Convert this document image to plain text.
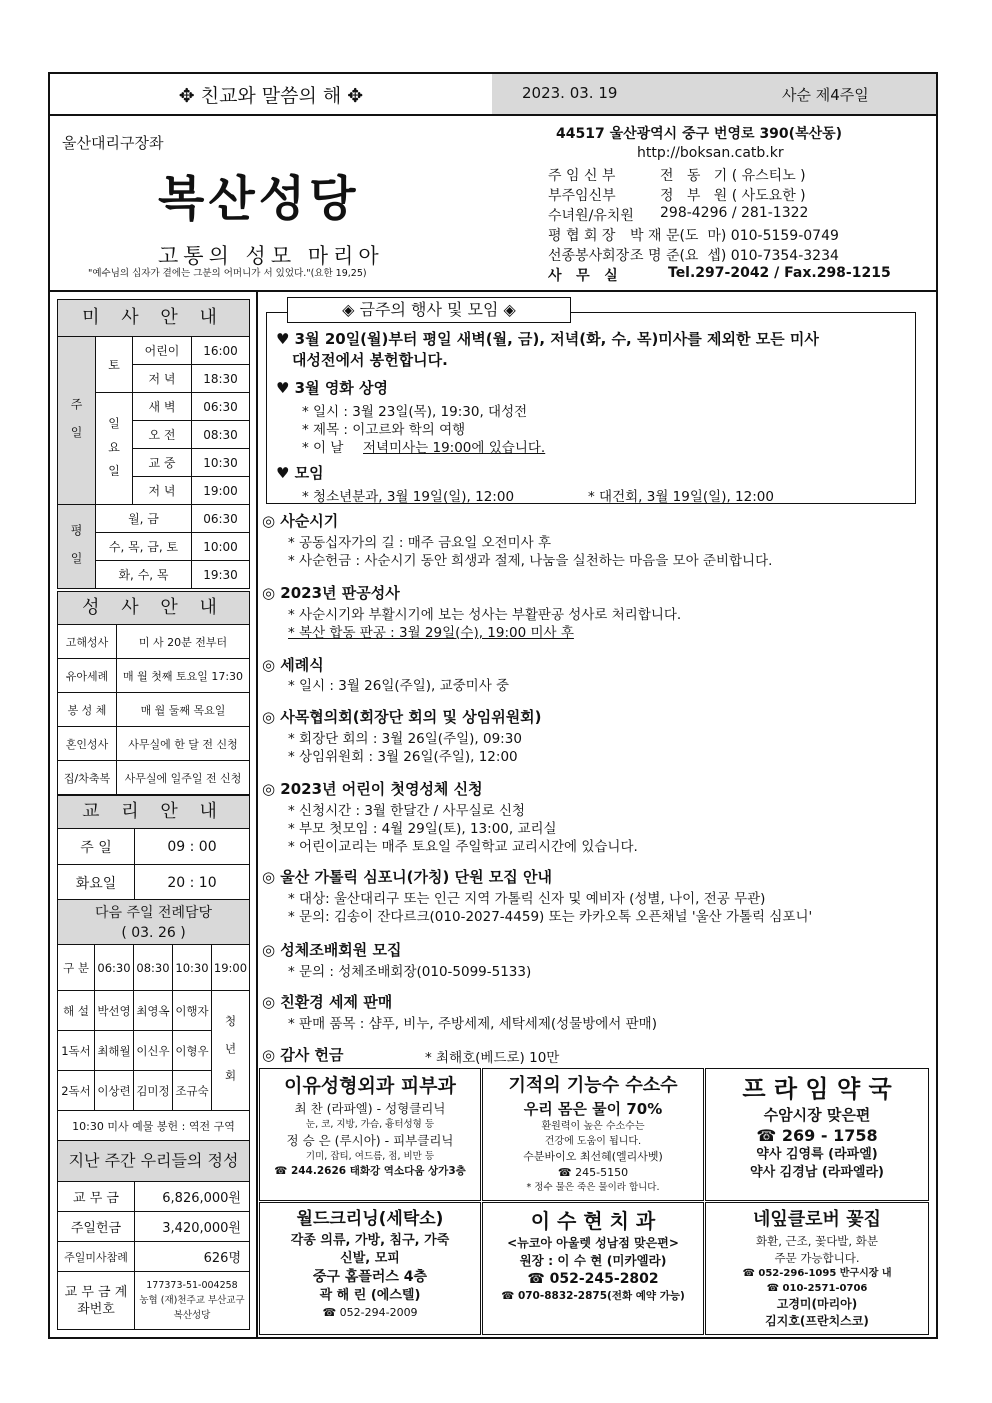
✥ 친교와 말씀의 해 ✥	2023. 03. 19	사순 제4주일
울산대리구장좌
복산성당
고통의 성모 마리아
"예수님의 십자가 곁에는 그분의 어머니가 서 있었다."(요한 19,25)
44517 울산광역시 중구 번영로 390(복산동)
http://boksan.catb.kr
주 임 신 부	전   동   기 ( 유스티노 )
부주임신부	정   부   원 ( 사도요한 )
수녀원/유치원 298-4296 / 281-1322
평 협 회 장 박 재 문(도  마) 010-5159-0749
선종봉사회장 조 명 준(요  셉) 010-7354-3234
사   무   실	Tel.297-2042 / Fax.298-1215
미 사 안 내
주 일	토	어린이	16:00
		저 녁	18:30
	일 요 일	새 벽	06:30
		오 전	08:30
		교 중	10:30
		저 녁	19:00
평 일	월, 금		06:30
	수, 목, 금, 토		10:00
	화, 수, 목		19:30
성 사 안 내
고해성사	미 사 20분 전부터
유아세례	매 월 첫째 토요일 17:30
봉 성 체	매 월 둘째 목요일
혼인성사	사무실에 한 달 전 신청
집/차축복	사무실에 일주일 전 신청
교 리 안 내
주 일	09 : 00
화요일	20 : 10
다음 주일 전례담당
( 03. 26 )
구 분	06:30	08:30	10:30	19:00
해 설	박선영	최영옥	이행자	청 년 회
1독서	최해월	이신우	이형우	
2독서	이상련	김미정	조규숙	
10:30 미사 예물 봉헌 : 역전 구역				
지난 주간 우리들의 정성
교 무 금	6,826,000원
주일헌금	3,420,000원
주일미사참례	626명
교 무 금 계좌번호	177373-51-004258
농협 (재)천주교 부산교구
복산성당
◈ 금주의 행사 및 모임 ◈
♥ 3월 20일(월)부터 평일 새벽(월, 금), 저녁(화, 수, 목)미사를 제외한 모든 미사
대성전에서 봉헌합니다.
♥ 3월 영화 상영
* 일시 : 3월 23일(목), 19:30, 대성전
* 제목 : 이고르와 학의 여행
* 이 날 저녁미사는 19:00에 있습니다.
♥ 모임
* 청소년분과, 3월 19일(일), 12:00	* 대건회, 3월 19일(일), 12:00
◎ 사순시기
* 공동십자가의 길 : 매주 금요일 오전미사 후
* 사순헌금 : 사순시기 동안 희생과 절제, 나눔을 실천하는 마음을 모아 준비합니다.
◎ 2023년 판공성사
* 사순시기와 부활시기에 보는 성사는 부활판공 성사로 처리합니다.
* 복산 합동 판공 : 3월 29일(수), 19:00 미사 후
◎ 세례식
* 일시 : 3월 26일(주일), 교중미사 중
◎ 사목협의회(회장단 회의 및 상임위원회)
* 회장단 회의 : 3월 26일(주일), 09:30
* 상임위원회 : 3월 26일(주일), 12:00
◎ 2023년 어린이 첫영성체 신청
* 신청시간 : 3월 한달간 / 사무실로 신청
* 부모 첫모임 : 4월 29일(토), 13:00, 교리실
* 어린이교리는 매주 토요일 주일학교 교리시간에 있습니다.
◎ 울산 가톨릭 심포니(가칭) 단원 모집 안내
* 대상: 울산대리구 또는 인근 지역 가톨릭 신자 및 예비자 (성별, 나이, 전공 무관)
* 문의: 김송이 잔다르크(010-2027-4459) 또는 카카오톡 오픈채널 '울산 가톨릭 심포니'
◎ 성체조배회원 모집
* 문의 : 성체조배회장(010-5099-5133)
◎ 친환경 세제 판매
* 판매 품목 : 샴푸, 비누, 주방세제, 세탁세제(성물방에서 판매)
◎ 감사 헌금	* 최해호(베드로) 10만
이유성형외과 피부과
최 찬 (라파엘) - 성형클리닉
눈, 코, 지방, 가슴, 흉터성형 등
정 승 은 (루시아) - 피부클리닉
기미, 잡티, 여드름, 점, 비만 등
☎ 244.2626 태화강 역소다움 상가3층
기적의 기능수 수소수
우리 몸은 물이 70%
환원력이 높은 수소수는
건강에 도움이 됩니다.
수분바이오 최선혜(엘리사벳)
☎ 245-5150
* 정수 물은 죽은 물이라 합니다.
프 라 임 약 국
수암시장 맞은편
☎ 269 - 1758
약사 김영륵 (라파엘)
약사 김경남 (라파엘라)
월드크리닝(세탁소)
각종 의류, 가방, 침구, 가죽
신발, 모피
중구 홈플러스 4층
곽 해 린 (에스텔)
☎ 052-294-2009
이 수 현 치 과
<뉴코아 아울렛 성남점 맞은편>
원장 : 이 수 현 (미카엘라)
☎ 052-245-2802
☎ 070-8832-2875(전화 예약 가능)
네잎클로버 꽃집
화환, 근조, 꽃다발, 화분
주문 가능합니다.
☎ 052-296-1095 반구시장 내
☎ 010-2571-0706
고경미(마리아)
김지호(프란치스코)
